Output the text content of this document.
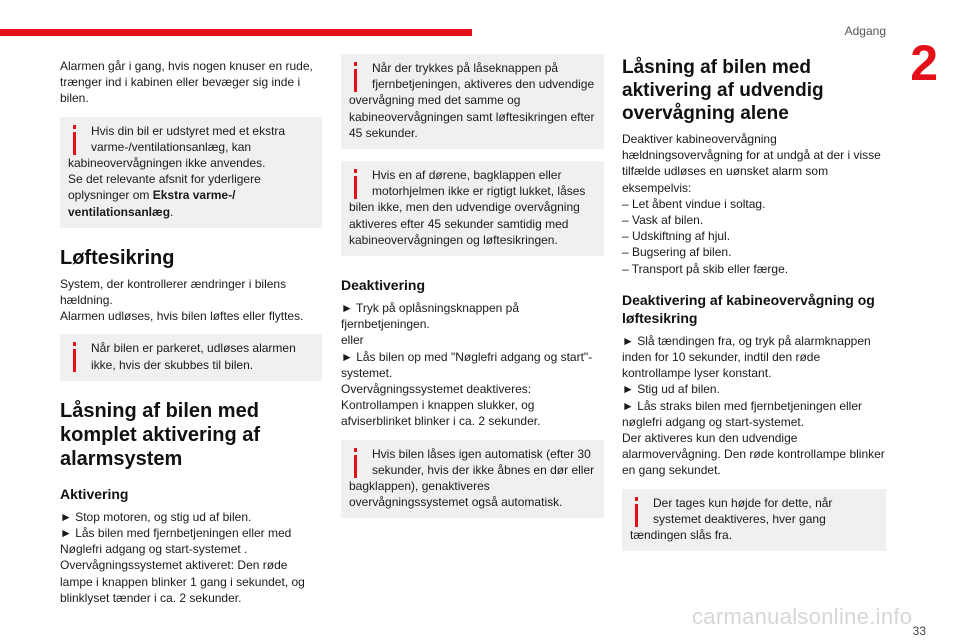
Adgang
2

Alarmen går i gang, hvis nogen knuser en rude, trænger ind i kabinen eller bevæger sig inde i bilen.

Hvis din bil er udstyret med et ekstra varme-/ventilationsanlæg, kan kabineovervågningen ikke anvendes.
Se det relevante afsnit for yderligere oplysninger om Ekstra varme-/ ventilationsanlæg.
Løftesikring

System, der kontrollerer ændringer i bilens hældning.

Alarmen udløses, hvis bilen løftes eller flyttes.

Når bilen er parkeret, udløses alarmen ikke, hvis der skubbes til bilen.
Låsning af bilen med komplet aktivering af alarmsystem
Aktivering

► Stop motoren, og stig ud af bilen.

► Lås bilen med fjernbetjeningen eller med Nøglefri adgang og start-systemet .

Overvågningssystemet aktiveret: Den røde lampe i knappen blinker 1 gang i sekundet, og blinklyset tænder i ca. 2 sekunder.

Når der trykkes på låseknappen på fjernbetjeningen, aktiveres den udvendige overvågning med det samme og kabineovervågningen samt løftesikringen efter 45 sekunder.
Hvis en af dørene, bagklappen eller motorhjelmen ikke er rigtigt lukket, låses bilen ikke, men den udvendige overvågning aktiveres efter 45 sekunder samtidig med kabineovervågningen og løftesikringen.
Deaktivering

► Tryk på oplåsningsknappen på fjernbetjeningen.

eller

► Lås bilen op med "Nøglefri adgang og start"-systemet.

Overvågningssystemet deaktiveres: Kontrollampen i knappen slukker, og afviserblinket blinker i ca. 2 sekunder.

Hvis bilen låses igen automatisk (efter 30 sekunder, hvis der ikke åbnes en dør eller bagklappen), genaktiveres overvågningssystemet også automatisk.
Låsning af bilen med aktivering af udvendig overvågning alene

Deaktiver kabineovervågning hældningsovervågning for at undgå at der i visse tilfælde udløses en uønsket alarm som eksempelvis:

– Let åbent vindue i soltag.

– Vask af bilen.

– Udskiftning af hjul.

– Bugsering af bilen.

– Transport på skib eller færge.

Deaktivering af kabineovervågning og løftesikring

► Slå tændingen fra, og tryk på alarmknappen inden for 10 sekunder, indtil den røde kontrollampe lyser konstant.

► Stig ud af bilen.

► Lås straks bilen med fjernbetjeningen eller nøglefri adgang og start-systemet.

Der aktiveres kun den udvendige alarmovervågning. Den røde kontrollampe blinker en gang sekundet.

Der tages kun højde for dette, når systemet deaktiveres, hver gang tændingen slås fra.
carmanualsonline.info
33
